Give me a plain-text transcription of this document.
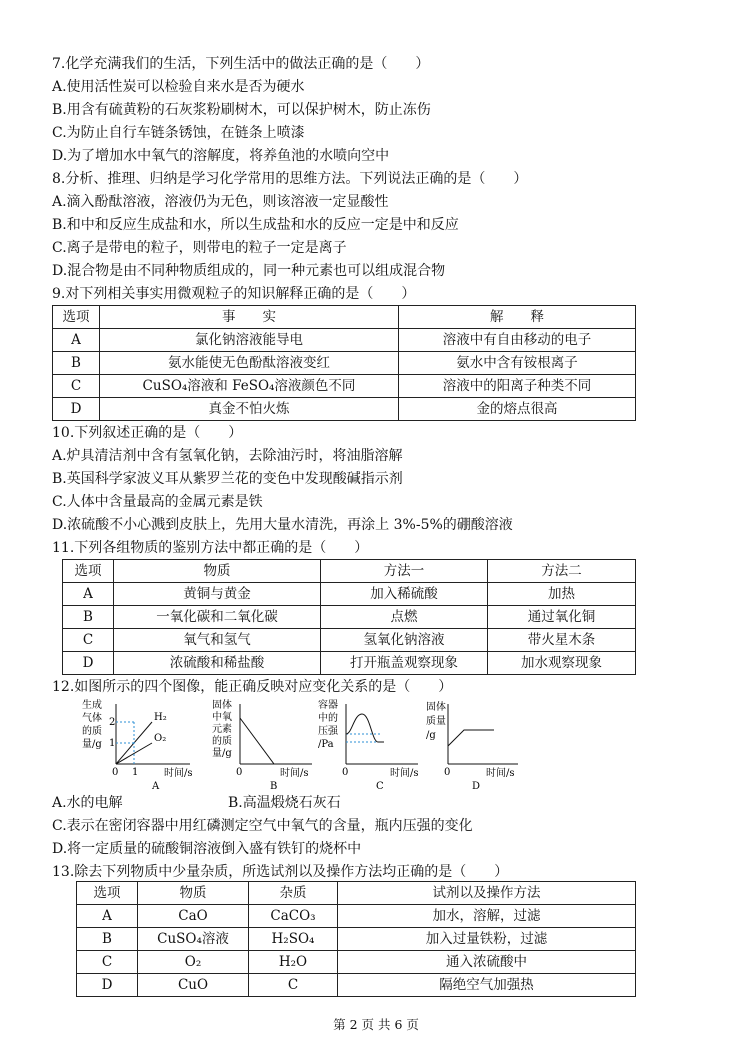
7.化学充满我们的生活，下列生活中的做法正确的是（　　）
A.使用活性炭可以检验自来水是否为硬水
B.用含有硫黄粉的石灰浆粉刷树木，可以保护树木，防止冻伤
C.为防止自行车链条锈蚀，在链条上喷漆
D.为了增加水中氧气的溶解度，将养鱼池的水喷向空中
8.分析、推理、归纳是学习化学常用的思维方法。下列说法正确的是（　　）
A.滴入酚酞溶液，溶液仍为无色，则该溶液一定显酸性
B.和中和反应生成盐和水，所以生成盐和水的反应一定是中和反应
C.离子是带电的粒子，则带电的粒子一定是离子
D.混合物是由不同种物质组成的，同一种元素也可以组成混合物
9.对下列相关事实用微观粒子的知识解释正确的是（　　）
选项	事　　实	解　　释
A	氯化钠溶液能导电	溶液中有自由移动的电子
B	氨水能使无色酚酞溶液变红	氨水中含有铵根离子
C	CuSO₄溶液和 FeSO₄溶液颜色不同	溶液中的阳离子种类不同
D	真金不怕火炼	金的熔点很高
10.下列叙述正确的是（　　）
A.炉具清洁剂中含有氢氧化钠，去除油污时，将油脂溶解
B.英国科学家波义耳从紫罗兰花的变色中发现酸碱指示剂
C.人体中含量最高的金属元素是铁
D.浓硫酸不小心溅到皮肤上，先用大量水清洗，再涂上 3%-5%的硼酸溶液
11.下列各组物质的鉴别方法中都正确的是（　　）
选项	物质	方法一	方法二
A	黄铜与黄金	加入稀硫酸	加热
B	一氧化碳和二氧化碳	点燃	通过氧化铜
C	氧气和氢气	氢氧化钠溶液	带火星木条
D	浓硫酸和稀盐酸	打开瓶盖观察现象	加水观察现象
12.如图所示的四个图像，能正确反映对应变化关系的是（　　）
生成
气体
的质
量/g
2
1
1
H₂
O₂
0	时间/s
A
固体
中氧
元素
的质
量/g
0	时间/s
B
容器
中的
压强
/Pa
0	时间/s
C
固体
质量
/g
0	时间/s
D
A.水的电解	B.高温煅烧石灰石
C.表示在密闭容器中用红磷测定空气中氧气的含量，瓶内压强的变化
D.将一定质量的硫酸铜溶液倒入盛有铁钉的烧杯中
13.除去下列物质中少量杂质，所选试剂以及操作方法均正确的是（　　）
选项	物质	杂质	试剂以及操作方法
A	CaO	CaCO₃	加水，溶解，过滤
B	CuSO₄溶液	H₂SO₄	加入过量铁粉，过滤
C	O₂	H₂O	通入浓硫酸中
D	CuO	C	隔绝空气加强热
第 2 页 共 6 页
